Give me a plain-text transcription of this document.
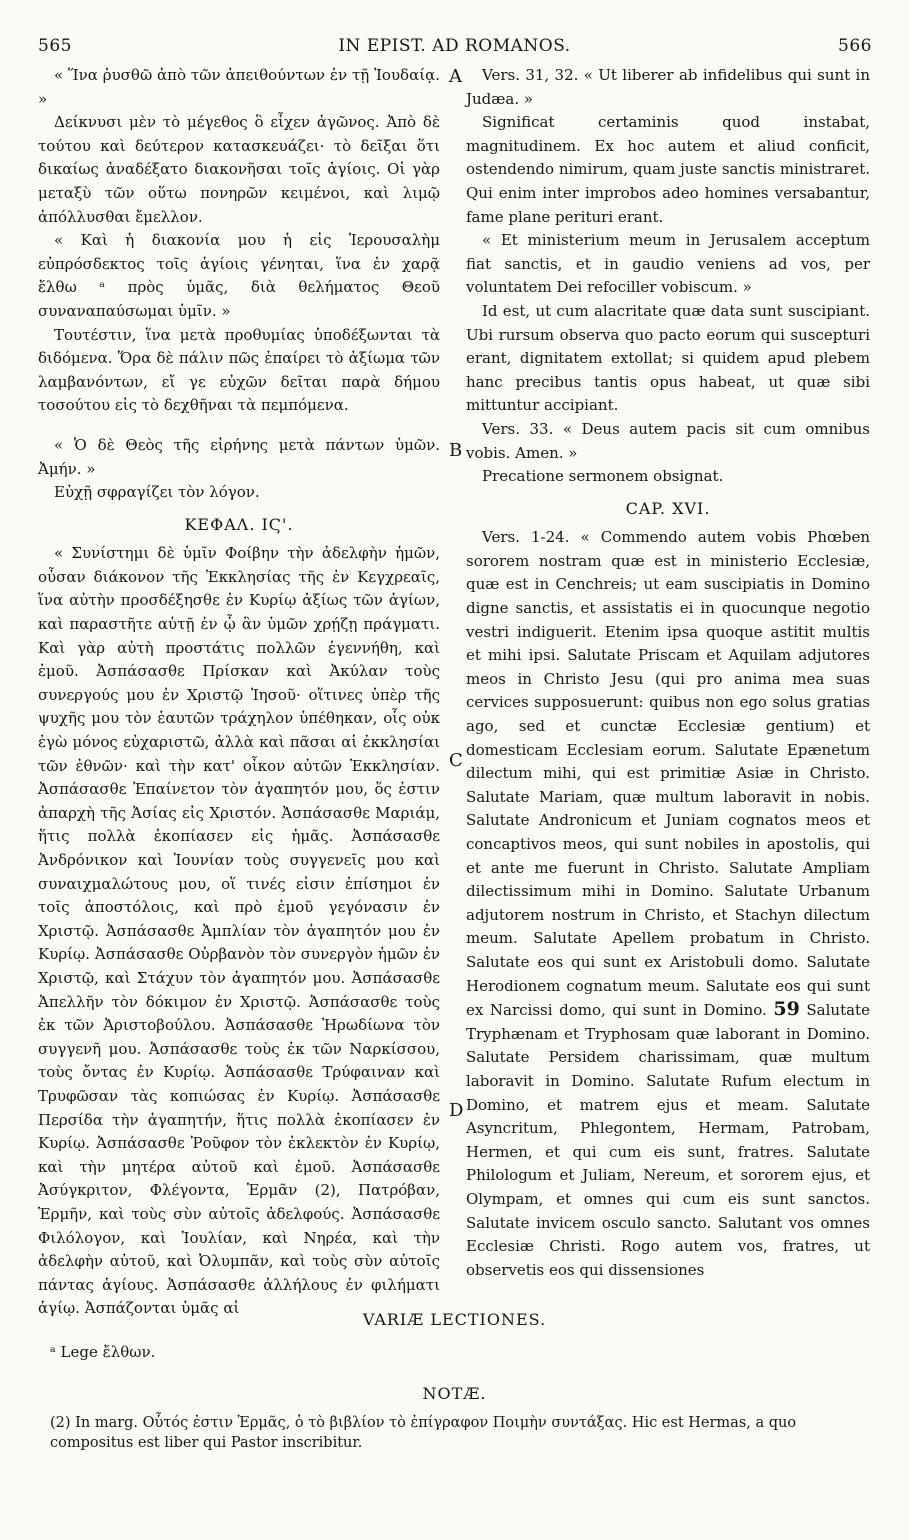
565	IN EPIST. AD ROMANOS.	566

« Ἵνα ῥυσθῶ ἀπὸ τῶν ἀπειθούντων ἐν τῇ Ἰουδαίᾳ. »

Δείκνυσι μὲν τὸ μέγεθος ὃ εἶχεν ἀγῶνος. Ἀπὸ δὲ τούτου καὶ δεύτερον κατασκευάζει· τὸ δεῖξαι ὅτι δικαίως ἀναδέξατο διακονῆσαι τοῖς ἁγίοις. Οἱ γὰρ μεταξὺ τῶν οὕτω πονηρῶν κειμένοι, καὶ λιμῷ ἀπόλλυσθαι ἔμελλον.

« Καὶ ἡ διακονία μου ἡ εἰς Ἱερουσαλὴμ εὐπρόσδεκτος τοῖς ἁγίοις γένηται, ἵνα ἐν χαρᾷ ἔλθω ᵃ πρὸς ὑμᾶς, διὰ θελήματος Θεοῦ συναναπαύσωμαι ὑμῖν. »

Τουτέστιν, ἵνα μετὰ προθυμίας ὑποδέξωνται τὰ διδόμενα. Ὅρα δὲ πάλιν πῶς ἐπαίρει τὸ ἀξίωμα τῶν λαμβανόντων, εἴ γε εὐχῶν δεῖται παρὰ δήμου τοσούτου εἰς τὸ δεχθῆναι τὰ πεμπόμενα.

« Ὁ δὲ Θεὸς τῆς εἰρήνης μετὰ πάντων ὑμῶν. Ἀμήν. »

Εὐχῇ σφραγίζει τὸν λόγον.

ΚΕΦΑΛ. ΙϚ'.

« Συνίστημι δὲ ὑμῖν Φοίβην τὴν ἀδελφὴν ἡμῶν, οὖσαν διάκονον τῆς Ἐκκλησίας τῆς ἐν Κεγχρεαῖς, ἵνα αὐτὴν προσδέξησθε ἐν Κυρίῳ ἀξίως τῶν ἁγίων, καὶ παραστῆτε αὐτῇ ἐν ᾧ ἂν ὑμῶν χρῄζῃ πράγματι. Καὶ γὰρ αὐτὴ προστάτις πολλῶν ἐγεννήθη, καὶ ἐμοῦ. Ἀσπάσασθε Πρίσκαν καὶ Ἀκύλαν τοὺς συνεργούς μου ἐν Χριστῷ Ἰησοῦ· οἵτινες ὑπὲρ τῆς ψυχῆς μου τὸν ἑαυτῶν τράχηλον ὑπέθηκαν, οἷς οὐκ ἐγὼ μόνος εὐχαριστῶ, ἀλλὰ καὶ πᾶσαι αἱ ἐκκλησίαι τῶν ἐθνῶν· καὶ τὴν κατ' οἶκον αὐτῶν Ἐκκλησίαν. Ἀσπάσασθε Ἐπαίνετον τὸν ἀγαπητόν μου, ὅς ἐστιν ἀπαρχὴ τῆς Ἀσίας εἰς Χριστόν. Ἀσπάσασθε Μαριάμ, ἥτις πολλὰ ἐκοπίασεν εἰς ἡμᾶς. Ἀσπάσασθε Ἀνδρόνικον καὶ Ἰουνίαν τοὺς συγγενεῖς μου καὶ συναιχμαλώτους μου, οἵ τινές εἰσιν ἐπίσημοι ἐν τοῖς ἀποστόλοις, καὶ πρὸ ἐμοῦ γεγόνασιν ἐν Χριστῷ. Ἀσπάσασθε Ἀμπλίαν τὸν ἀγαπητόν μου ἐν Κυρίῳ. Ἀσπάσασθε Οὐρβανὸν τὸν συνεργὸν ἡμῶν ἐν Χριστῷ, καὶ Στάχυν τὸν ἀγαπητόν μου. Ἀσπάσασθε Ἀπελλῆν τὸν δόκιμον ἐν Χριστῷ. Ἀσπάσασθε τοὺς ἐκ τῶν Ἀριστοβούλου. Ἀσπάσασθε Ἡρωδίωνα τὸν συγγενῆ μου. Ἀσπάσασθε τοὺς ἐκ τῶν Ναρκίσσου, τοὺς ὄντας ἐν Κυρίῳ. Ἀσπάσασθε Τρύφαιναν καὶ Τρυφῶσαν τὰς κοπιώσας ἐν Κυρίῳ. Ἀσπάσασθε Περσίδα τὴν ἀγαπητήν, ἥτις πολλὰ ἐκοπίασεν ἐν Κυρίῳ. Ἀσπάσασθε Ῥοῦφον τὸν ἐκλεκτὸν ἐν Κυρίῳ, καὶ τὴν μητέρα αὐτοῦ καὶ ἐμοῦ. Ἀσπάσασθε Ἀσύγκριτον, Φλέγοντα, Ἑρμᾶν (2), Πατρόβαν, Ἑρμῆν, καὶ τοὺς σὺν αὐτοῖς ἀδελφούς. Ἀσπάσασθε Φιλόλογον, καὶ Ἰουλίαν, καὶ Νηρέα, καὶ τὴν ἀδελφὴν αὐτοῦ, καὶ Ὀλυμπᾶν, καὶ τοὺς σὺν αὐτοῖς πάντας ἁγίους. Ἀσπάσασθε ἀλλήλους ἐν φιλήματι ἁγίῳ. Ἀσπάζονται ὑμᾶς αἱ

A
B
C
D

Vers. 31, 32. « Ut liberer ab infidelibus qui sunt in Judæa. »

Significat certaminis quod instabat, magnitudinem. Ex hoc autem et aliud conficit, ostendendo nimirum, quam juste sanctis ministraret. Qui enim inter improbos adeo homines versabantur, fame plane perituri erant.

« Et ministerium meum in Jerusalem acceptum fiat sanctis, et in gaudio veniens ad vos, per voluntatem Dei refociller vobiscum. »

Id est, ut cum alacritate quæ data sunt suscipiant. Ubi rursum observa quo pacto eorum qui suscepturi erant, dignitatem extollat; si quidem apud plebem hanc precibus tantis opus habeat, ut quæ sibi mittuntur accipiant.

Vers. 33. « Deus autem pacis sit cum omnibus vobis. Amen. »

Precatione sermonem obsignat.

CAP. XVI.

Vers. 1-24. « Commendo autem vobis Phœben sororem nostram quæ est in ministerio Ecclesiæ, quæ est in Cenchreis; ut eam suscipiatis in Domino digne sanctis, et assistatis ei in quocunque negotio vestri indiguerit. Etenim ipsa quoque astitit multis et mihi ipsi. Salutate Priscam et Aquilam adjutores meos in Christo Jesu (qui pro anima mea suas cervices supposuerunt: quibus non ego solus gratias ago, sed et cunctæ Ecclesiæ gentium) et domesticam Ecclesiam eorum. Salutate Epænetum dilectum mihi, qui est primitiæ Asiæ in Christo. Salutate Mariam, quæ multum laboravit in nobis. Salutate Andronicum et Juniam cognatos meos et concaptivos meos, qui sunt nobiles in apostolis, qui et ante me fuerunt in Christo. Salutate Ampliam dilectissimum mihi in Domino. Salutate Urbanum adjutorem nostrum in Christo, et Stachyn dilectum meum. Salutate Apellem probatum in Christo. Salutate eos qui sunt ex Aristobuli domo. Salutate Herodionem cognatum meum. Salutate eos qui sunt ex Narcissi domo, qui sunt in Domino. 59 Salutate Tryphænam et Tryphosam quæ laborant in Domino. Salutate Persidem charissimam, quæ multum laboravit in Domino. Salutate Rufum electum in Domino, et matrem ejus et meam. Salutate Asyncritum, Phlegontem, Hermam, Patrobam, Hermen, et qui cum eis sunt, fratres. Salutate Philologum et Juliam, Nereum, et sororem ejus, et Olympam, et omnes qui cum eis sunt sanctos. Salutate invicem osculo sancto. Salutant vos omnes Ecclesiæ Christi. Rogo autem vos, fratres, ut observetis eos qui dissensiones

VARIÆ LECTIONES.
ᵃ Lege ἔλθων.
NOTÆ.
(2) In marg. Οὗτός ἐστιν Ἑρμᾶς, ὁ τὸ βιβλίον τὸ ἐπίγραφον Ποιμὴν συντάξας. Hic est Hermas, a quo compositus est liber qui Pastor inscribitur.
